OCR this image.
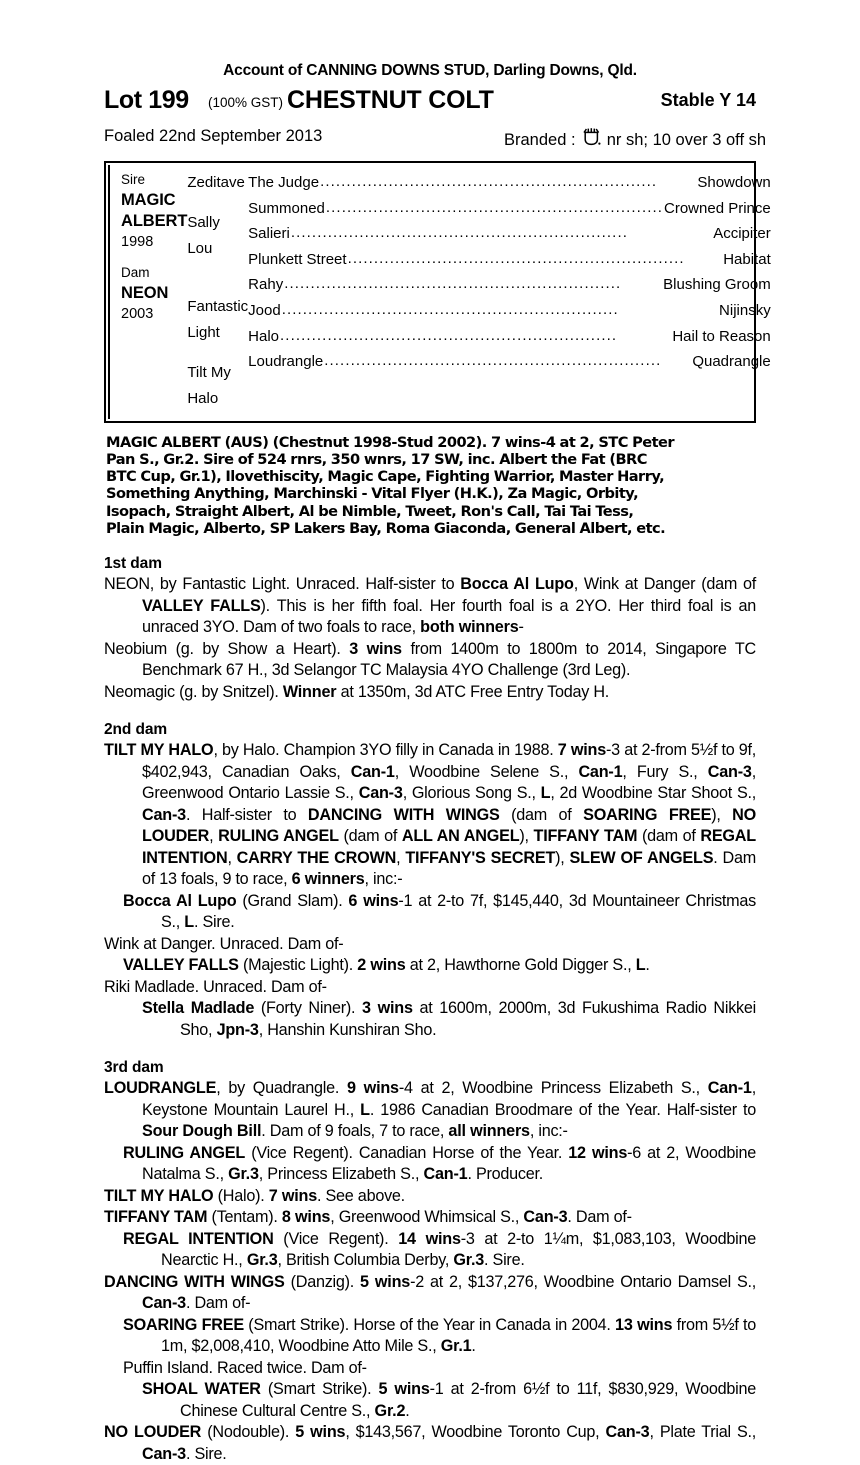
Account of CANNING DOWNS STUD, Darling Downs, Qld.
Lot 199 (100% GST) CHESTNUT COLT	Stable Y 14
Foaled 22nd September 2013	Branded : nr sh; 10 over 3 off sh
Sire
MAGIC ALBERT
1998
Dam
NEON
2003
Zeditave
Sally Lou
Fantastic Light
Tilt My Halo
The Judge ................................................................	Showdown
Summoned ................................................................ Crowned Prince
Salieri ................................................................	Accipiter
Plunkett Street ................................................................	Habitat
Rahy ................................................................	Blushing Groom
Jood ................................................................	Nijinsky
Halo ................................................................	Hail to Reason
Loudrangle ................................................................	Quadrangle
MAGIC ALBERT (AUS) (Chestnut 1998-Stud 2002). 7 wins-4 at 2, STC Peter
Pan S., Gr.2. Sire of 524 rnrs, 350 wnrs, 17 SW, inc. Albert the Fat (BRC
BTC Cup, Gr.1), Ilovethiscity, Magic Cape, Fighting Warrior, Master Harry,
Something Anything, Marchinski - Vital Flyer (H.K.), Za Magic, Orbity,
Isopach, Straight Albert, Al be Nimble, Tweet, Ron's Call, Tai Tai Tess,
Plain Magic, Alberto, SP Lakers Bay, Roma Giaconda, General Albert, etc.
1st dam

NEON, by Fantastic Light. Unraced. Half-sister to Bocca Al Lupo, Wink at Danger (dam of VALLEY FALLS). This is her fifth foal. Her fourth foal is a 2YO. Her third foal is an unraced 3YO. Dam of two foals to race, both winners-

Neobium (g. by Show a Heart). 3 wins from 1400m to 1800m to 2014, Singapore TC Benchmark 67 H., 3d Selangor TC Malaysia 4YO Challenge (3rd Leg).

Neomagic (g. by Snitzel). Winner at 1350m, 3d ATC Free Entry Today H.

2nd dam

TILT MY HALO, by Halo. Champion 3YO filly in Canada in 1988. 7 wins-3 at 2-from 5½f to 9f, $402,943, Canadian Oaks, Can-1, Woodbine Selene S., Can-1, Fury S., Can-3, Greenwood Ontario Lassie S., Can-3, Glorious Song S., L, 2d Woodbine Star Shoot S., Can-3. Half-sister to DANCING WITH WINGS (dam of SOARING FREE), NO LOUDER, RULING ANGEL (dam of ALL AN ANGEL), TIFFANY TAM (dam of REGAL INTENTION, CARRY THE CROWN, TIFFANY'S SECRET), SLEW OF ANGELS. Dam of 13 foals, 9 to race, 6 winners, inc:-

Bocca Al Lupo (Grand Slam). 6 wins-1 at 2-to 7f, $145,440, 3d Mountaineer Christmas S., L. Sire.

Wink at Danger. Unraced. Dam of-

VALLEY FALLS (Majestic Light). 2 wins at 2, Hawthorne Gold Digger S., L.

Riki Madlade. Unraced. Dam of-

Stella Madlade (Forty Niner). 3 wins at 1600m, 2000m, 3d Fukushima Radio Nikkei Sho, Jpn-3, Hanshin Kunshiran Sho.

3rd dam

LOUDRANGLE, by Quadrangle. 9 wins-4 at 2, Woodbine Princess Elizabeth S., Can-1, Keystone Mountain Laurel H., L. 1986 Canadian Broodmare of the Year. Half-sister to Sour Dough Bill. Dam of 9 foals, 7 to race, all winners, inc:-

RULING ANGEL (Vice Regent). Canadian Horse of the Year. 12 wins-6 at 2, Woodbine Natalma S., Gr.3, Princess Elizabeth S., Can-1. Producer.

TILT MY HALO (Halo). 7 wins. See above.

TIFFANY TAM (Tentam). 8 wins, Greenwood Whimsical S., Can-3. Dam of-

REGAL INTENTION (Vice Regent). 14 wins-3 at 2-to 1¼m, $1,083,103, Woodbine Nearctic H., Gr.3, British Columbia Derby, Gr.3. Sire.

DANCING WITH WINGS (Danzig). 5 wins-2 at 2, $137,276, Woodbine Ontario Damsel S., Can-3. Dam of-

SOARING FREE (Smart Strike). Horse of the Year in Canada in 2004. 13 wins from 5½f to 1m, $2,008,410, Woodbine Atto Mile S., Gr.1.

Puffin Island. Raced twice. Dam of-

SHOAL WATER (Smart Strike). 5 wins-1 at 2-from 6½f to 11f, $830,929, Woodbine Chinese Cultural Centre S., Gr.2.

NO LOUDER (Nodouble). 5 wins, $143,567, Woodbine Toronto Cup, Can-3, Plate Trial S., Can-3. Sire.
